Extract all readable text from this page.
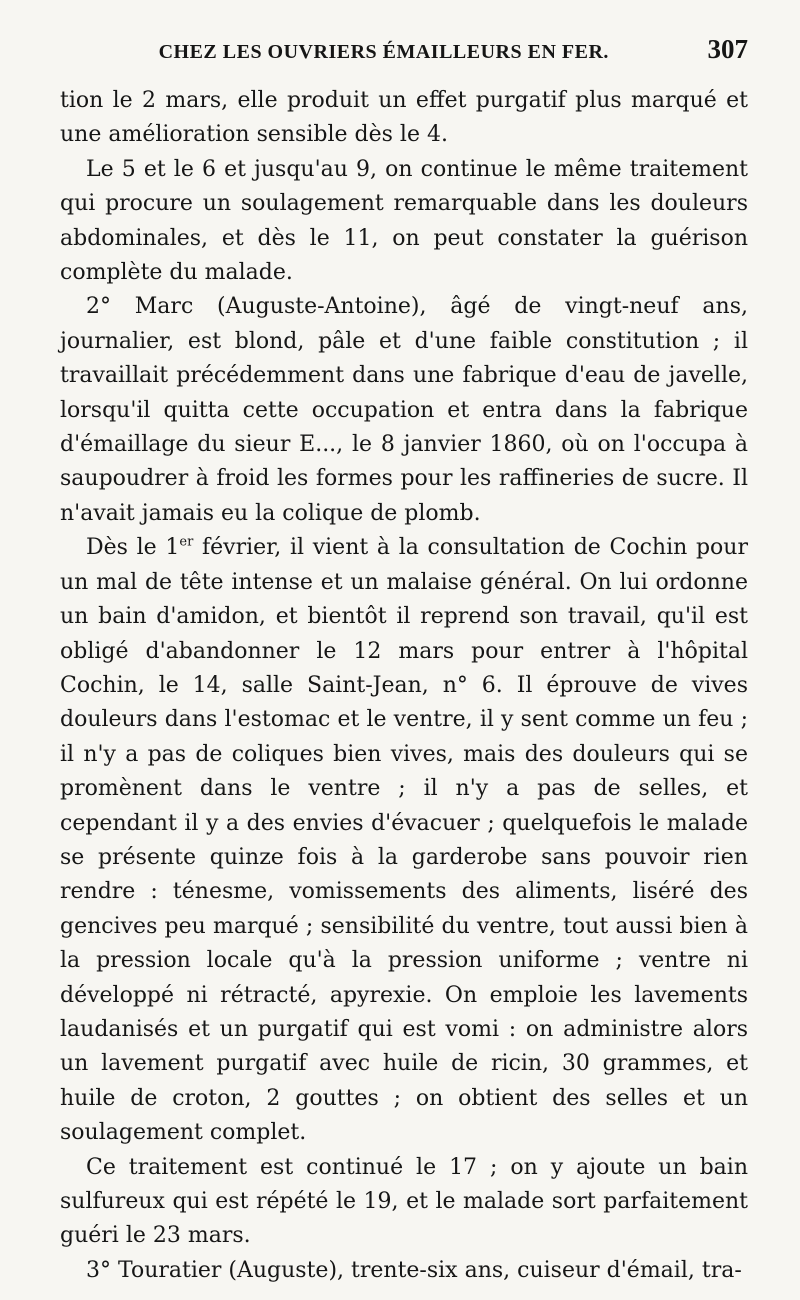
CHEZ LES OUVRIERS ÉMAILLEURS EN FER.	307

tion le 2 mars, elle produit un effet purgatif plus marqué et une amélioration sensible dès le 4.

Le 5 et le 6 et jusqu'au 9, on continue le même traitement qui procure un soulagement remarquable dans les douleurs abdominales, et dès le 11, on peut constater la guérison complète du malade.

2° Marc (Auguste-Antoine), âgé de vingt-neuf ans, journalier, est blond, pâle et d'une faible constitution ; il travaillait précédemment dans une fabrique d'eau de javelle, lorsqu'il quitta cette occupation et entra dans la fabrique d'émaillage du sieur E..., le 8 janvier 1860, où on l'occupa à saupoudrer à froid les formes pour les raffineries de sucre. Il n'avait jamais eu la colique de plomb.

Dès le 1er février, il vient à la consultation de Cochin pour un mal de tête intense et un malaise général. On lui ordonne un bain d'amidon, et bientôt il reprend son travail, qu'il est obligé d'abandonner le 12 mars pour entrer à l'hôpital Cochin, le 14, salle Saint-Jean, n° 6. Il éprouve de vives douleurs dans l'estomac et le ventre, il y sent comme un feu ; il n'y a pas de coliques bien vives, mais des douleurs qui se promènent dans le ventre ; il n'y a pas de selles, et cependant il y a des envies d'évacuer ; quelquefois le malade se présente quinze fois à la garderobe sans pouvoir rien rendre : ténesme, vomissements des aliments, liséré des gencives peu marqué ; sensibilité du ventre, tout aussi bien à la pression locale qu'à la pression uniforme ; ventre ni développé ni rétracté, apyrexie. On emploie les lavements laudanisés et un purgatif qui est vomi : on administre alors un lavement purgatif avec huile de ricin, 30 grammes, et huile de croton, 2 gouttes ; on obtient des selles et un soulagement complet.

Ce traitement est continué le 17 ; on y ajoute un bain sulfureux qui est répété le 19, et le malade sort parfaitement guéri le 23 mars.

3° Touratier (Auguste), trente-six ans, cuiseur d'émail, tra-
